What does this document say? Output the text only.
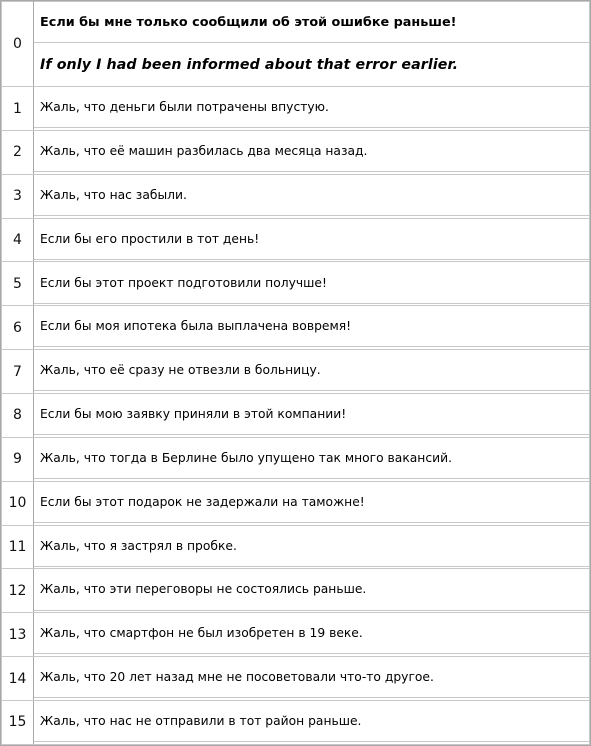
0	Если бы мне только сообщили об этой ошибке раньше!
	If only I had been informed about that error earlier.
1	Жаль, что деньги были потрачены впустую.

2	Жаль, что её машин разбилась два месяца назад.

3	Жаль, что нас забыли.

4	Если бы его простили в тот день!

5	Если бы этот проект подготовили получше!

6	Если бы моя ипотека была выплачена вовремя!

7	Жаль, что её сразу не отвезли в больницу.

8	Если бы мою заявку приняли в этой компании!

9	Жаль, что тогда в Берлине было упущено так много вакансий.

10	Если бы этот подарок не задержали на таможне!

11	Жаль, что я застрял в пробке.

12	Жаль, что эти переговоры не состоялись раньше.

13	Жаль, что смартфон не был изобретен в 19 веке.

14	Жаль, что 20 лет назад мне не посоветовали что-то другое.

15	Жаль, что нас не отправили в тот район раньше.
